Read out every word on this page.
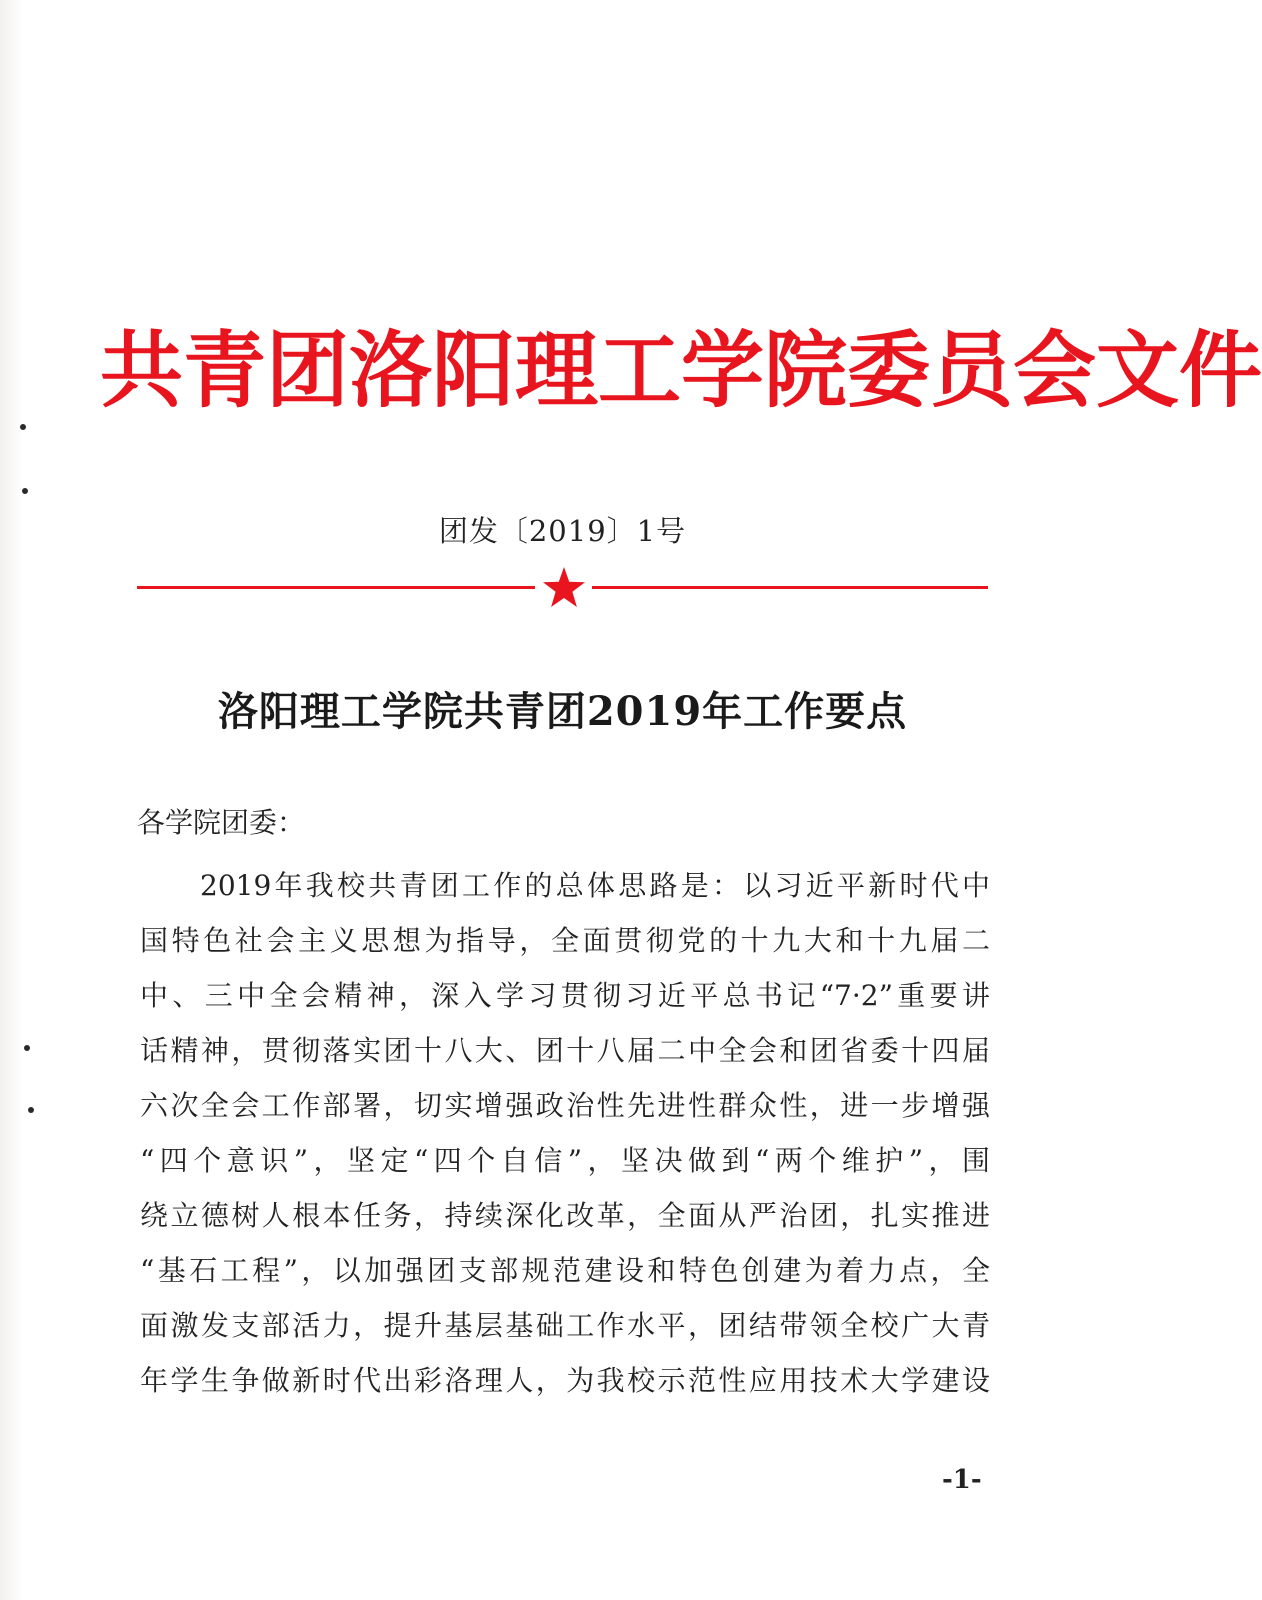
共青团洛阳理工学院委员会文件
团发〔2019〕1号
洛阳理工学院共青团2019年工作要点
各学院团委：
2019年我校共青团工作的总体思路是：以习近平新时代中
国特色社会主义思想为指导，全面贯彻党的十九大和十九届二
中、三中全会精神，深入学习贯彻习近平总书记“7·2”重要讲
话精神，贯彻落实团十八大、团十八届二中全会和团省委十四届
六次全会工作部署，切实增强政治性先进性群众性，进一步增强
“四个意识”，坚定“四个自信”，坚决做到“两个维护”，围
绕立德树人根本任务，持续深化改革，全面从严治团，扎实推进
“基石工程”，以加强团支部规范建设和特色创建为着力点，全
面激发支部活力，提升基层基础工作水平，团结带领全校广大青
年学生争做新时代出彩洛理人，为我校示范性应用技术大学建设
-1-
